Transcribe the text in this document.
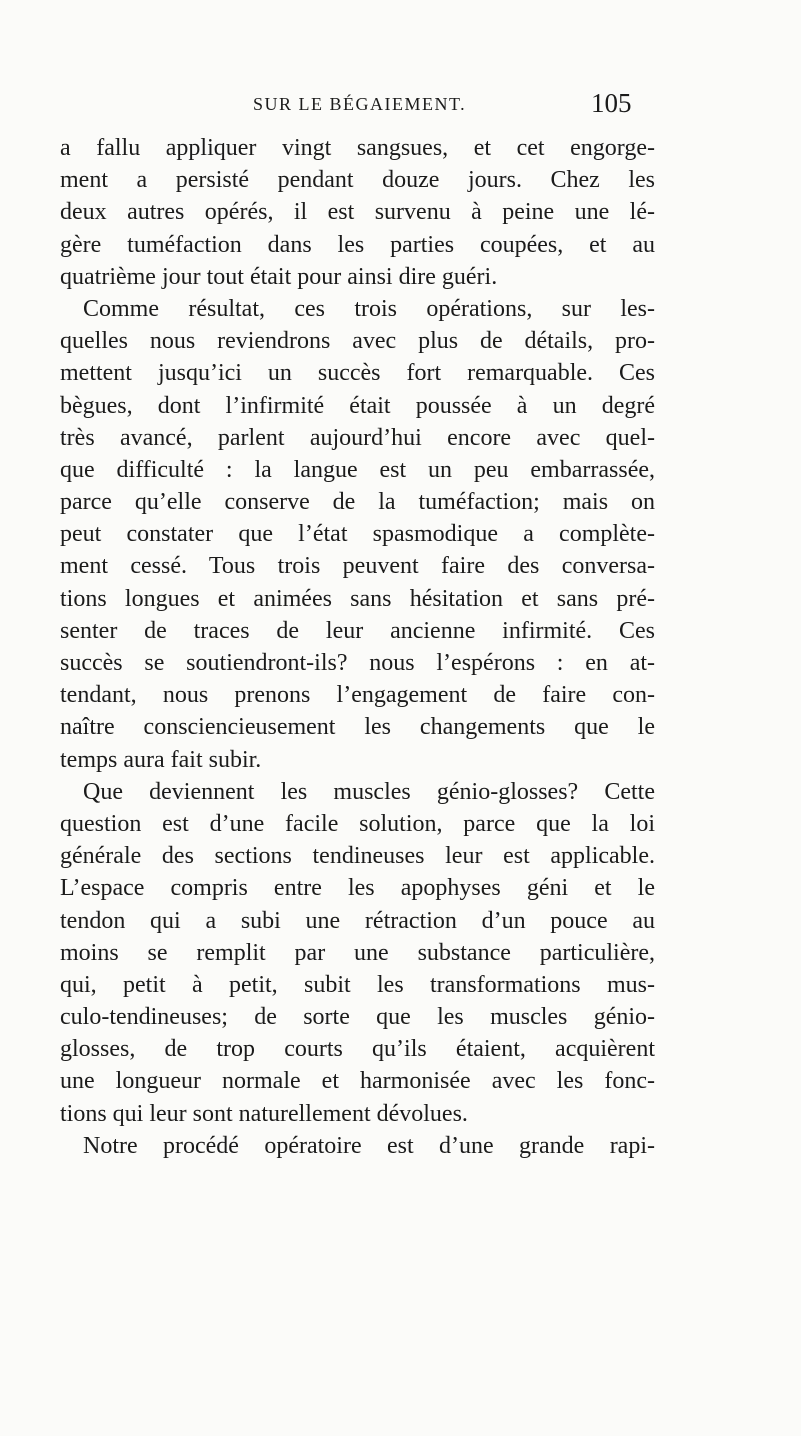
SUR LE BÉGAIEMENT.	105
a fallu appliquer vingt sangsues, et cet engorge-
ment a persisté pendant douze jours. Chez les
deux autres opérés, il est survenu à peine une lé-
gère tuméfaction dans les parties coupées, et au
quatrième jour tout était pour ainsi dire guéri.
Comme résultat, ces trois opérations, sur les-
quelles nous reviendrons avec plus de détails, pro-
mettent jusqu’ici un succès fort remarquable. Ces
bègues, dont l’infirmité était poussée à un degré
très avancé, parlent aujourd’hui encore avec quel-
que difficulté : la langue est un peu embarrassée,
parce qu’elle conserve de la tuméfaction; mais on
peut constater que l’état spasmodique a complète-
ment cessé. Tous trois peuvent faire des conversa-
tions longues et animées sans hésitation et sans pré-
senter de traces de leur ancienne infirmité. Ces
succès se soutiendront-ils? nous l’espérons : en at-
tendant, nous prenons l’engagement de faire con-
naître consciencieusement les changements que le
temps aura fait subir.
Que deviennent les muscles génio-glosses? Cette
question est d’une facile solution, parce que la loi
générale des sections tendineuses leur est applicable.
L’espace compris entre les apophyses géni et le
tendon qui a subi une rétraction d’un pouce au
moins se remplit par une substance particulière,
qui, petit à petit, subit les transformations mus-
culo-tendineuses; de sorte que les muscles génio-
glosses, de trop courts qu’ils étaient, acquièrent
une longueur normale et harmonisée avec les fonc-
tions qui leur sont naturellement dévolues.
Notre procédé opératoire est d’une grande rapi-
